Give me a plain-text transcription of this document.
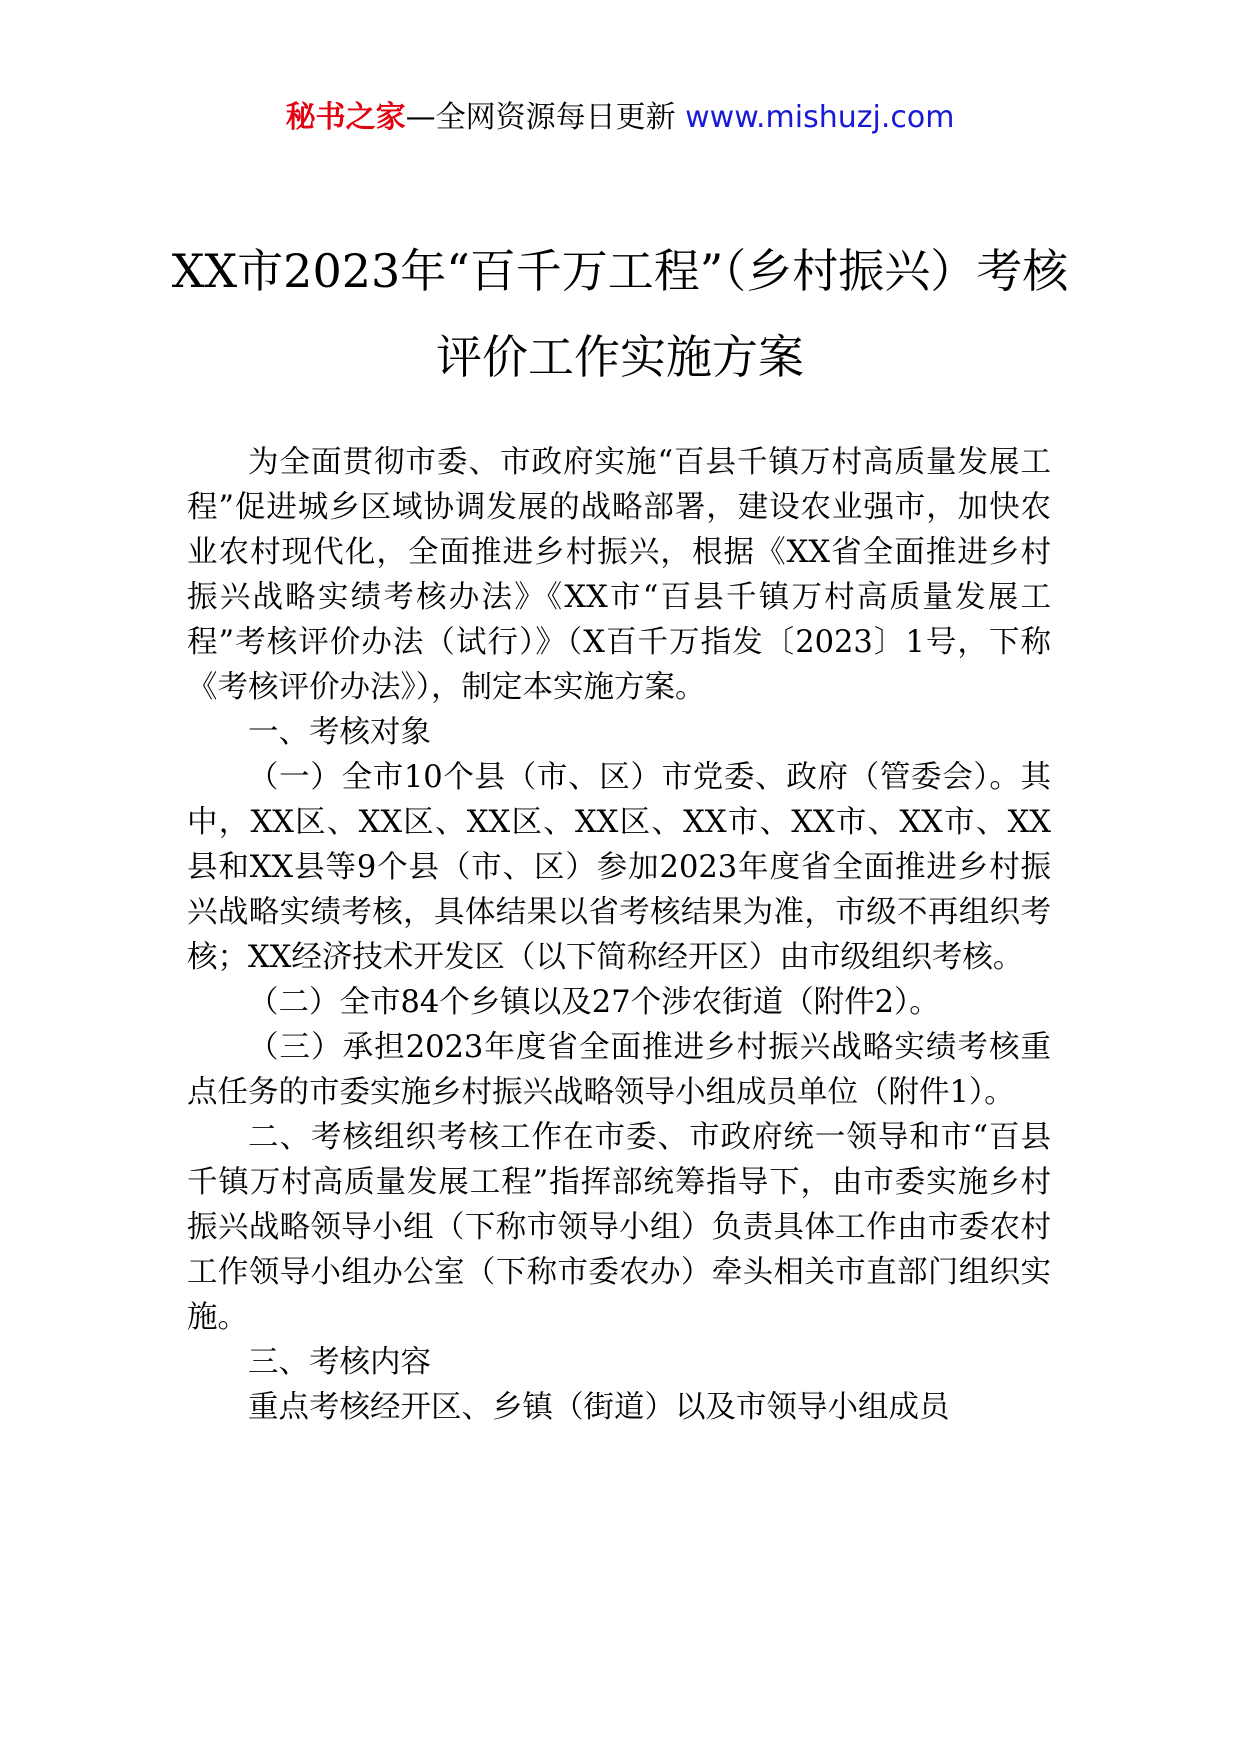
秘书之家—全网资源每日更新 www.mishuzj.com
XX市2023年“百千万工程”（乡村振兴）考核评价工作实施方案

为全面贯彻市委、市政府实施“百县千镇万村高质量发展工程”促进城乡区域协调发展的战略部署，建设农业强市，加快农业农村现代化，全面推进乡村振兴，根据《XX省全面推进乡村振兴战略实绩考核办法》《XX市“百县千镇万村高质量发展工程”考核评价办法（试行）》（X百千万指发〔2023〕1号，下称《考核评价办法》），制定本实施方案。

一、考核对象

（一）全市10个县（市、区）市党委、政府（管委会）。其中，XX区、XX区、XX区、XX区、XX市、XX市、XX市、XX县和XX县等9个县（市、区）参加2023年度省全面推进乡村振兴战略实绩考核，具体结果以省考核结果为准，市级不再组织考核；XX经济技术开发区（以下简称经开区）由市级组织考核。

（二）全市84个乡镇以及27个涉农街道（附件2）。

（三）承担2023年度省全面推进乡村振兴战略实绩考核重点任务的市委实施乡村振兴战略领导小组成员单位（附件1）。

二、考核组织考核工作在市委、市政府统一领导和市“百县千镇万村高质量发展工程”指挥部统筹指导下，由市委实施乡村振兴战略领导小组（下称市领导小组）负责具体工作由市委农村工作领导小组办公室（下称市委农办）牵头相关市直部门组织实施。

三、考核内容

重点考核经开区、乡镇（街道）以及市领导小组成员
